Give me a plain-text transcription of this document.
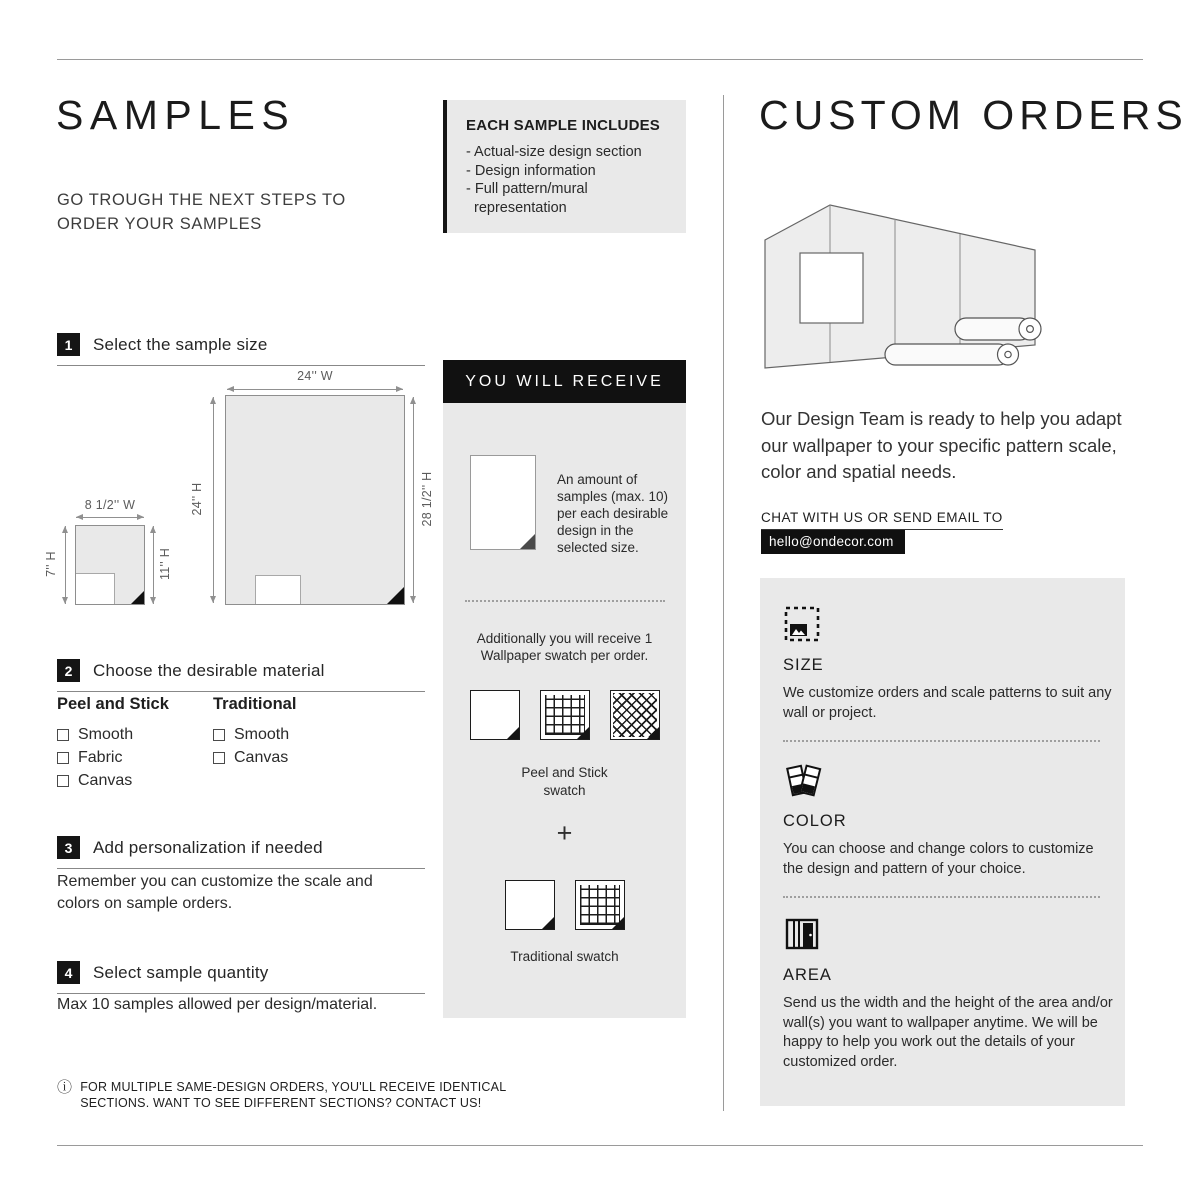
SAMPLES
GO TROUGH THE NEXT STEPS TO ORDER YOUR SAMPLES
EACH SAMPLE INCLUDES
- Actual-size design section
- Design information
- Full pattern/mural representation
1	Select the sample size
24'' W
24'' H	28 1/2'' H
8 1/2'' W
7'' H	11'' H
2	Choose the desirable material
Peel and Stick
Smooth
Fabric
Canvas
Traditional
Smooth
Canvas
3	Add personalization if needed
Remember you can customize the scale and colors on sample orders.
4	Select sample quantity
Max 10 samples allowed per design/material.
ⓘ FOR MULTIPLE SAME-DESIGN ORDERS, YOU'LL RECEIVE IDENTICAL SECTIONS. WANT TO SEE DIFFERENT SECTIONS? CONTACT US!
YOU WILL RECEIVE
An amount of samples (max. 10) per each desirable design in the selected size.
Additionally you will receive 1 Wallpaper swatch per order.
Peel and Stick swatch
+
Traditional swatch
CUSTOM ORDERS
Our Design Team is ready to help you adapt our wallpaper to your specific pattern scale, color and spatial needs.
CHAT WITH US OR SEND EMAIL TO
hello@ondecor.com
SIZE
We customize orders and scale patterns to suit any wall or project.
COLOR
You can choose and change colors to customize the design and pattern of your choice.
AREA
Send us the width and the height of the area and/or wall(s) you want to wallpaper anytime. We will be happy to help you work out the details of your customized order.
